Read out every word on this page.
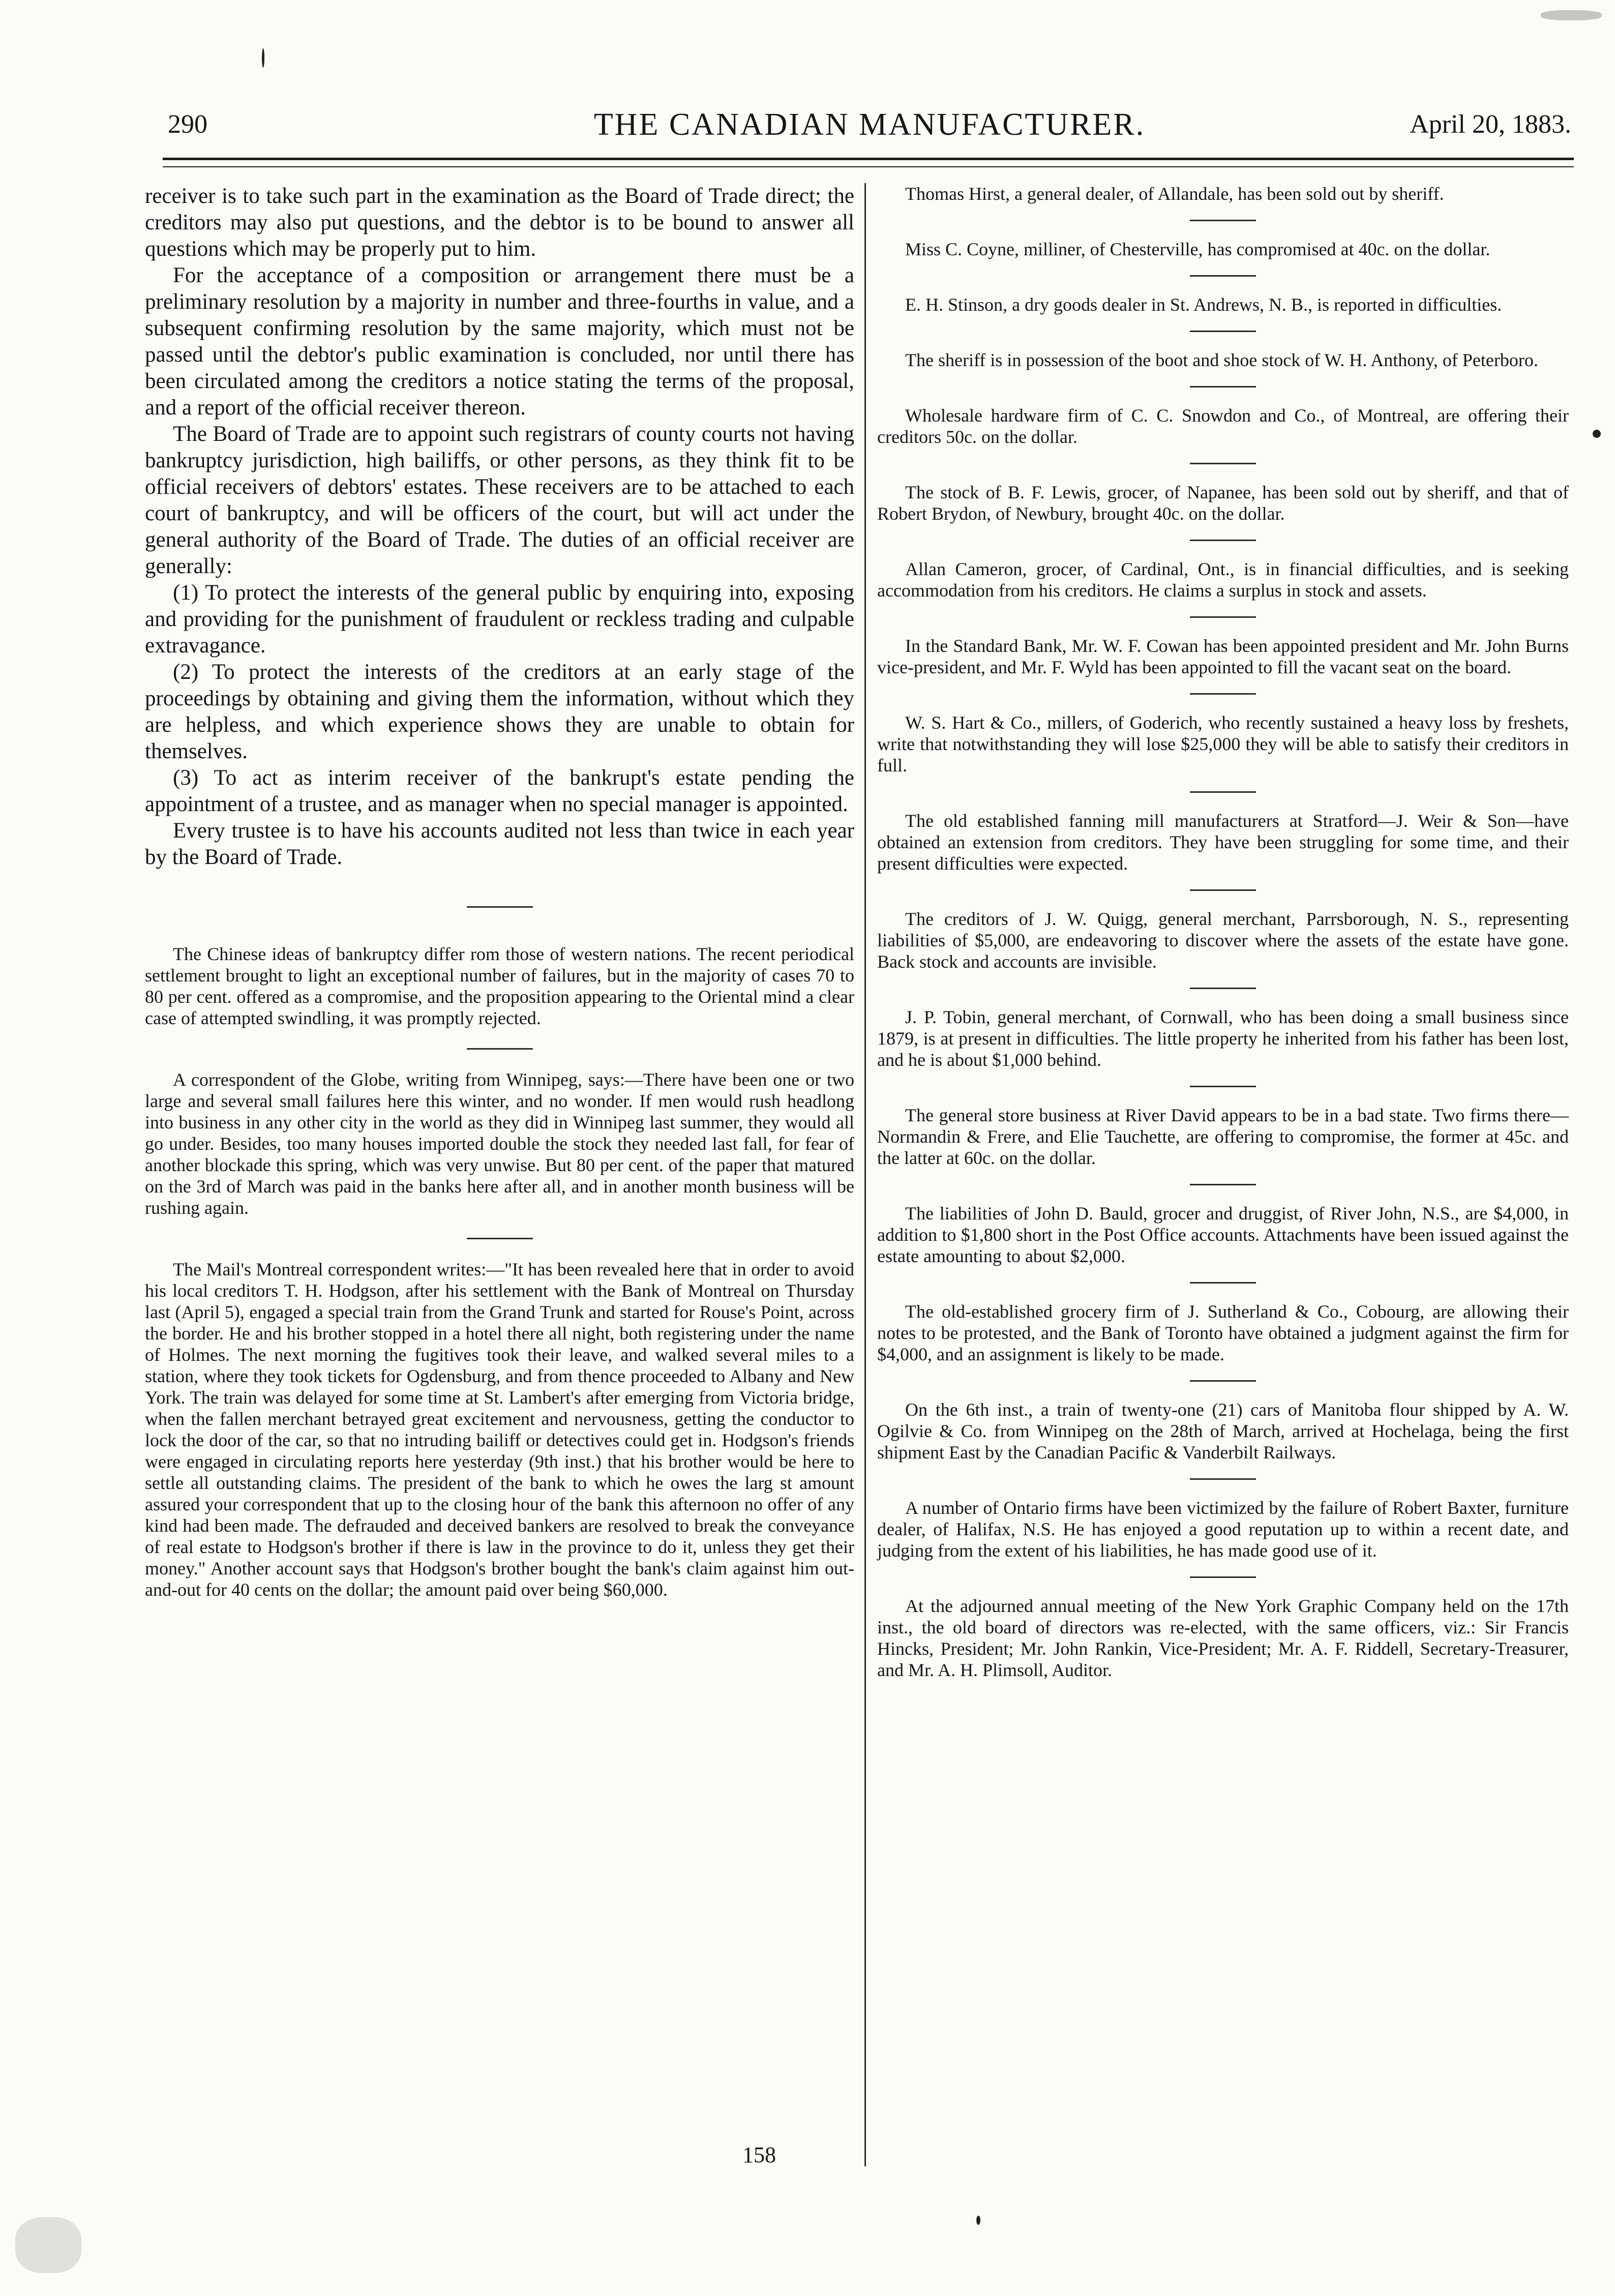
290	THE CANADIAN MANUFACTURER.	April 20, 1883.

receiver is to take such part in the examination as the Board of Trade direct; the creditors may also put questions, and the debtor is to be bound to answer all questions which may be properly put to him.

For the acceptance of a composition or arrangement there must be a preliminary resolution by a majority in number and three-fourths in value, and a subsequent confirming resolution by the same majority, which must not be passed until the debtor's public examination is concluded, nor until there has been circulated among the creditors a notice stating the terms of the proposal, and a report of the official receiver thereon.

The Board of Trade are to appoint such registrars of county courts not having bankruptcy jurisdiction, high bailiffs, or other persons, as they think fit to be official receivers of debtors' estates. These receivers are to be attached to each court of bankruptcy, and will be officers of the court, but will act under the general authority of the Board of Trade. The duties of an official receiver are generally:

(1) To protect the interests of the general public by enquiring into, exposing and providing for the punishment of fraudulent or reckless trading and culpable extravagance.

(2) To protect the interests of the creditors at an early stage of the proceedings by obtaining and giving them the information, without which they are helpless, and which experience shows they are unable to obtain for themselves.

(3) To act as interim receiver of the bankrupt's estate pending the appointment of a trustee, and as manager when no special manager is appointed.

Every trustee is to have his accounts audited not less than twice in each year by the Board of Trade.

The Chinese ideas of bankruptcy differ rom those of western nations. The recent periodical settlement brought to light an exceptional number of failures, but in the majority of cases 70 to 80 per cent. offered as a compromise, and the proposition appearing to the Oriental mind a clear case of attempted swindling, it was promptly rejected.

A correspondent of the Globe, writing from Winnipeg, says:—There have been one or two large and several small failures here this winter, and no wonder. If men would rush headlong into business in any other city in the world as they did in Winnipeg last summer, they would all go under. Besides, too many houses imported double the stock they needed last fall, for fear of another blockade this spring, which was very unwise. But 80 per cent. of the paper that matured on the 3rd of March was paid in the banks here after all, and in another month business will be rushing again.

The Mail's Montreal correspondent writes:—"It has been revealed here that in order to avoid his local creditors T. H. Hodgson, after his settlement with the Bank of Montreal on Thursday last (April 5), engaged a special train from the Grand Trunk and started for Rouse's Point, across the border. He and his brother stopped in a hotel there all night, both registering under the name of Holmes. The next morning the fugitives took their leave, and walked several miles to a station, where they took tickets for Ogdensburg, and from thence proceeded to Albany and New York. The train was delayed for some time at St. Lambert's after emerging from Victoria bridge, when the fallen merchant betrayed great excitement and nervousness, getting the conductor to lock the door of the car, so that no intruding bailiff or detectives could get in. Hodgson's friends were engaged in circulating reports here yesterday (9th inst.) that his brother would be here to settle all outstanding claims. The president of the bank to which he owes the larg st amount assured your correspondent that up to the closing hour of the bank this afternoon no offer of any kind had been made. The defrauded and deceived bankers are resolved to break the conveyance of real estate to Hodgson's brother if there is law in the province to do it, unless they get their money." Another account says that Hodgson's brother bought the bank's claim against him out-and-out for 40 cents on the dollar; the amount paid over being $60,000.

Thomas Hirst, a general dealer, of Allandale, has been sold out by sheriff.

Miss C. Coyne, milliner, of Chesterville, has compromised at 40c. on the dollar.

E. H. Stinson, a dry goods dealer in St. Andrews, N. B., is reported in difficulties.

The sheriff is in possession of the boot and shoe stock of W. H. Anthony, of Peterboro.

Wholesale hardware firm of C. C. Snowdon and Co., of Montreal, are offering their creditors 50c. on the dollar.

The stock of B. F. Lewis, grocer, of Napanee, has been sold out by sheriff, and that of Robert Brydon, of Newbury, brought 40c. on the dollar.

Allan Cameron, grocer, of Cardinal, Ont., is in financial difficulties, and is seeking accommodation from his creditors. He claims a surplus in stock and assets.

In the Standard Bank, Mr. W. F. Cowan has been appointed president and Mr. John Burns vice-president, and Mr. F. Wyld has been appointed to fill the vacant seat on the board.

W. S. Hart & Co., millers, of Goderich, who recently sustained a heavy loss by freshets, write that notwithstanding they will lose $25,000 they will be able to satisfy their creditors in full.

The old established fanning mill manufacturers at Stratford—J. Weir & Son—have obtained an extension from creditors. They have been struggling for some time, and their present difficulties were expected.

The creditors of J. W. Quigg, general merchant, Parrsborough, N. S., representing liabilities of $5,000, are endeavoring to discover where the assets of the estate have gone. Back stock and accounts are invisible.

J. P. Tobin, general merchant, of Cornwall, who has been doing a small business since 1879, is at present in difficulties. The little property he inherited from his father has been lost, and he is about $1,000 behind.

The general store business at River David appears to be in a bad state. Two firms there—Normandin & Frere, and Elie Tauchette, are offering to compromise, the former at 45c. and the latter at 60c. on the dollar.

The liabilities of John D. Bauld, grocer and druggist, of River John, N.S., are $4,000, in addition to $1,800 short in the Post Office accounts. Attachments have been issued against the estate amounting to about $2,000.

The old-established grocery firm of J. Sutherland & Co., Cobourg, are allowing their notes to be protested, and the Bank of Toronto have obtained a judgment against the firm for $4,000, and an assignment is likely to be made.

On the 6th inst., a train of twenty-one (21) cars of Manitoba flour shipped by A. W. Ogilvie & Co. from Winnipeg on the 28th of March, arrived at Hochelaga, being the first shipment East by the Canadian Pacific & Vanderbilt Railways.

A number of Ontario firms have been victimized by the failure of Robert Baxter, furniture dealer, of Halifax, N.S. He has enjoyed a good reputation up to within a recent date, and judging from the extent of his liabilities, he has made good use of it.

At the adjourned annual meeting of the New York Graphic Company held on the 17th inst., the old board of directors was re-elected, with the same officers, viz.: Sir Francis Hincks, President; Mr. John Rankin, Vice-President; Mr. A. F. Riddell, Secretary-Treasurer, and Mr. A. H. Plimsoll, Auditor.

158
